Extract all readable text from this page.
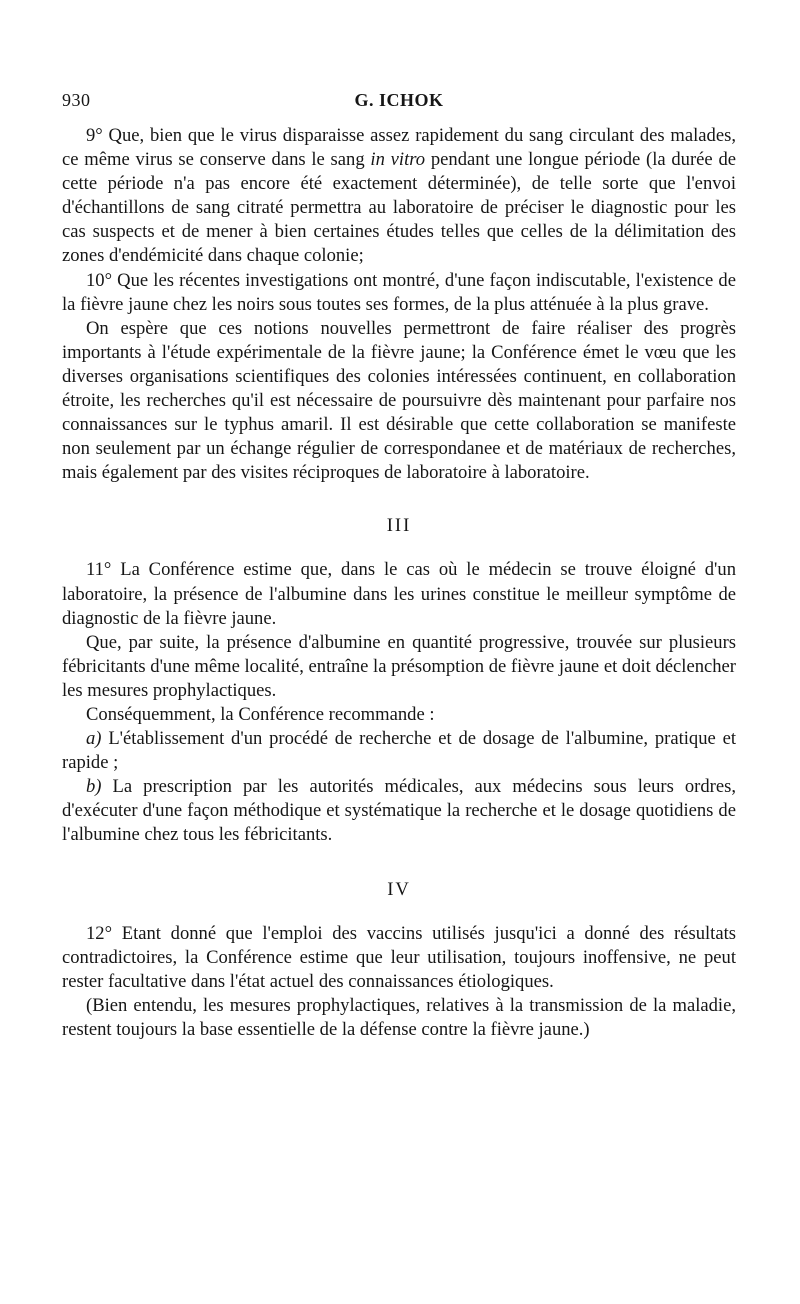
930	G. ICHOK

9° Que, bien que le virus disparaisse assez rapidement du sang circulant des malades, ce même virus se conserve dans le sang in vitro pendant une longue période (la durée de cette période n'a pas encore été exactement déterminée), de telle sorte que l'envoi d'échantillons de sang citraté permettra au laboratoire de préciser le diagnostic pour les cas suspects et de mener à bien certaines études telles que celles de la délimitation des zones d'endémicité dans chaque colonie;

10° Que les récentes investigations ont montré, d'une façon indiscutable, l'existence de la fièvre jaune chez les noirs sous toutes ses formes, de la plus atténuée à la plus grave.

On espère que ces notions nouvelles permettront de faire réaliser des progrès importants à l'étude expérimentale de la fièvre jaune; la Conférence émet le vœu que les diverses organisations scientifiques des colonies intéressées continuent, en collaboration étroite, les recherches qu'il est nécessaire de poursuivre dès maintenant pour parfaire nos connaissances sur le typhus amaril. Il est désirable que cette collaboration se manifeste non seulement par un échange régulier de correspondanee et de matériaux de recherches, mais également par des visites réciproques de laboratoire à laboratoire.

III

11° La Conférence estime que, dans le cas où le médecin se trouve éloigné d'un laboratoire, la présence de l'albumine dans les urines constitue le meilleur symptôme de diagnostic de la fièvre jaune.

Que, par suite, la présence d'albumine en quantité progressive, trouvée sur plusieurs fébricitants d'une même localité, entraîne la présomption de fièvre jaune et doit déclencher les mesures prophylactiques.

Conséquemment, la Conférence recommande :

a) L'établissement d'un procédé de recherche et de dosage de l'albumine, pratique et rapide ;

b) La prescription par les autorités médicales, aux médecins sous leurs ordres, d'exécuter d'une façon méthodique et systématique la recherche et le dosage quotidiens de l'albumine chez tous les fébricitants.

IV

12° Etant donné que l'emploi des vaccins utilisés jusqu'ici a donné des résultats contradictoires, la Conférence estime que leur utilisation, toujours inoffensive, ne peut rester facultative dans l'état actuel des connaissances étiologiques.

(Bien entendu, les mesures prophylactiques, relatives à la transmission de la maladie, restent toujours la base essentielle de la défense contre la fièvre jaune.)
